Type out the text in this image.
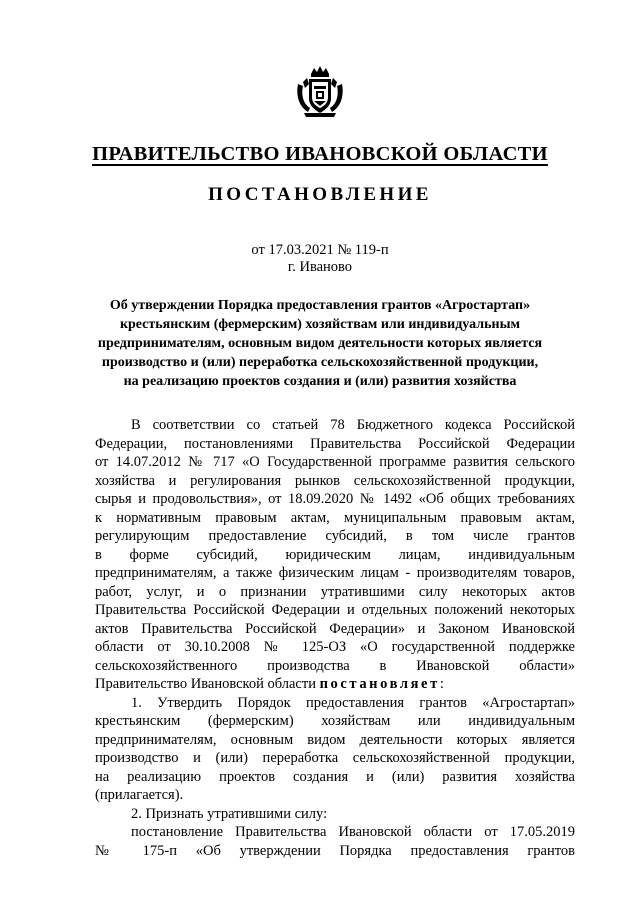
ПРАВИТЕЛЬСТВО ИВАНОВСКОЙ ОБЛАСТИ
ПОСТАНОВЛЕНИЕ
от 17.03.2021 № 119-п
г. Иваново
Об утверждении Порядка предоставления грантов «Агростартап»
крестьянским (фермерским) хозяйствам или индивидуальным
предпринимателям, основным видом деятельности которых является
производство и (или) переработка сельскохозяйственной продукции,
на реализацию проектов создания и (или) развития хозяйства
В соответствии со статьей 78 Бюджетного кодекса Российской
Федерации, постановлениями Правительства Российской Федерации
от 14.07.2012 № 717 «О Государственной программе развития сельского
хозяйства и регулирования рынков сельскохозяйственной продукции,
сырья и продовольствия», от 18.09.2020 № 1492 «Об общих требованиях
к нормативным правовым актам, муниципальным правовым актам,
регулирующим предоставление субсидий, в том числе грантов
в форме субсидий, юридическим лицам, индивидуальным
предпринимателям, а также физическим лицам - производителям товаров,
работ, услуг, и о признании утратившими силу некоторых актов
Правительства Российской Федерации и отдельных положений некоторых
актов Правительства Российской Федерации» и Законом Ивановской
области от 30.10.2008 № 125-ОЗ «О государственной поддержке
сельскохозяйственного производства в Ивановской области»
Правительство Ивановской области постановляет:
1. Утвердить Порядок предоставления грантов «Агростартап»
крестьянским (фермерским) хозяйствам или индивидуальным
предпринимателям, основным видом деятельности которых является
производство и (или) переработка сельскохозяйственной продукции,
на реализацию проектов создания и (или) развития хозяйства
(прилагается).
2. Признать утратившими силу:
постановление Правительства Ивановской области от 17.05.2019
№ 175-п «Об утверждении Порядка предоставления грантов
